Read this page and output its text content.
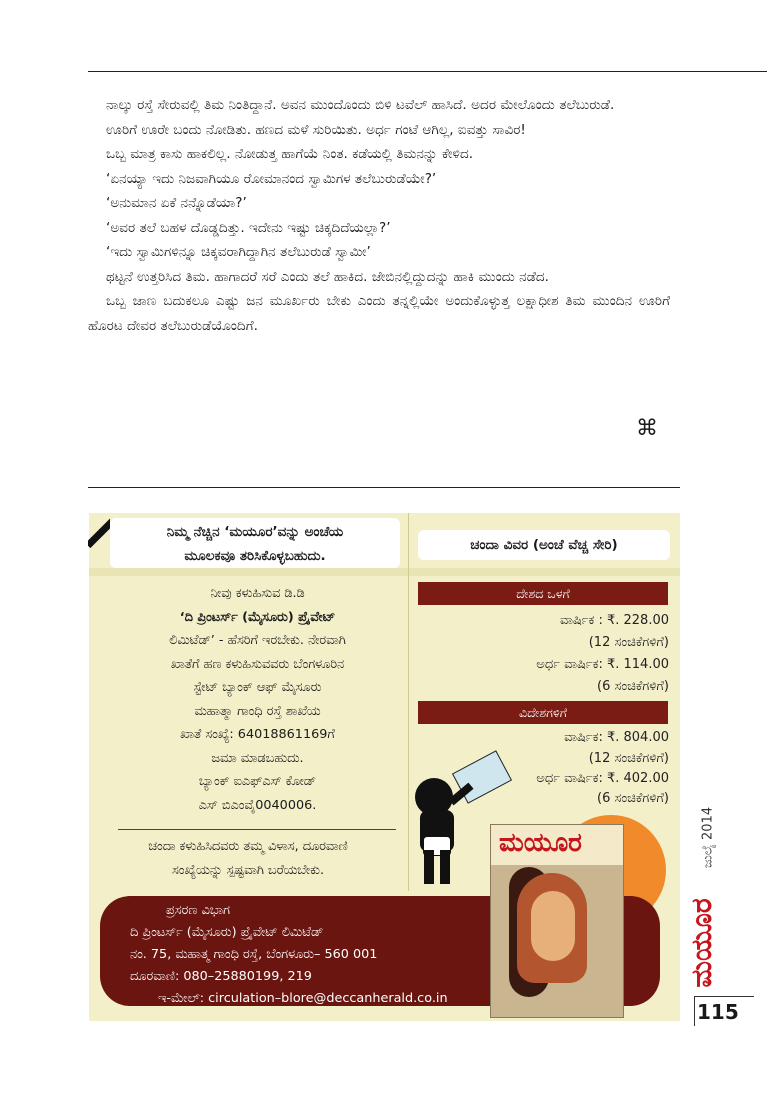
ನಾಲ್ಕು ರಸ್ತೆ ಸೇರುವಲ್ಲಿ ತಿಮ ನಿಂತಿದ್ದಾನೆ. ಅವನ ಮುಂದೊಂದು ಬಿಳಿ ಟವೆಲ್ ಹಾಸಿದೆ. ಅದರ ಮೇಲೊಂದು ತಲೆಬುರುಡೆ.

ಊರಿಗೆ ಊರೇ ಬಂದು ನೋಡಿತು. ಹಣದ ಮಳೆ ಸುರಿಯಿತು. ಅರ್ಧ ಗಂಟೆ ಆಗಿಲ್ಲ, ಐವತ್ತು ಸಾವಿರ!

ಒಬ್ಬ ಮಾತ್ರ ಕಾಸು ಹಾಕಲಿಲ್ಲ. ನೋಡುತ್ತ ಹಾಗೆಯೆ ನಿಂತ. ಕಡೆಯಲ್ಲಿ ತಿಮನನ್ನು ಕೇಳಿದ.

‘ಏನಯ್ಯಾ ಇದು ನಿಜವಾಗಿಯೂ ರೋಮಾನಂದ ಸ್ವಾಮಿಗಳ ತಲೆಬುರುಡೆಯೇ?’

‘ಅನುಮಾನ ಏಕೆ ನನ್ನೊಡೆಯಾ?’

‘ಅವರ ತಲೆ ಬಹಳ ದೊಡ್ಡದಿತ್ತು. ಇದೇನು ಇಷ್ಟು ಚಿಕ್ಕದಿದೆಯಲ್ಲಾ?’

‘ಇದು ಸ್ವಾಮಿಗಳಿನ್ನೂ ಚಿಕ್ಕವರಾಗಿದ್ದಾಗಿನ ತಲೆಬುರುಡೆ ಸ್ವಾಮೀ’

ಥಟ್ಟನೆ ಉತ್ತರಿಸಿದ ತಿಮ. ಹಾಗಾದರೆ ಸರೆ ಎಂದು ತಲೆ ಹಾಕಿದ. ಜೇಬಿನಲ್ಲಿದ್ದುದನ್ನು ಹಾಕಿ ಮುಂದು ನಡೆದ.

ಒಬ್ಬ ಜಾಣ ಬದುಕಲೂ ಎಷ್ಟು ಜನ ಮೂರ್ಖರು ಬೇಕು ಎಂದು ತನ್ನಲ್ಲಿಯೇ ಅಂದುಕೊಳ್ಳುತ್ತ ಲಕ್ಷಾಧೀಶ ತಿಮ ಮುಂದಿನ ಊರಿಗೆ ಹೊರಟ ದೇವರ ತಲೆಬುರುಡೆಯೊಂದಿಗೆ.

⌘
ನಿಮ್ಮ ನೆಚ್ಚಿನ ‘ಮಯೂರ’ವನ್ನು ಅಂಚೆಯ
ಮೂಲಕವೂ ತರಿಸಿಕೊಳ್ಳಬಹುದು.
ಚಂದಾ ವಿವರ (ಅಂಚೆ ವೆಚ್ಚ ಸೇರಿ)
ನೀವು ಕಳುಹಿಸುವ ಡಿ.ಡಿ
‘ದಿ ಪ್ರಿಂಟರ್ಸ್ (ಮೈಸೂರು) ಪ್ರೈವೇಟ್
ಲಿಮಿಟೆಡ್’ - ಹೆಸರಿಗೆ ಇರಬೇಕು. ನೇರವಾಗಿ
ಖಾತೆಗೆ ಹಣ ಕಳುಹಿಸುವವರು ಬೆಂಗಳೂರಿನ
ಸ್ಟೇಟ್ ಬ್ಯಾಂಕ್ ಆಫ್ ಮೈಸೂರು
ಮಹಾತ್ಮಾ ಗಾಂಧಿ ರಸ್ತೆ ಶಾಖೆಯ
ಖಾತೆ ಸಂಖ್ಯೆ: 64018861169ಗೆ
ಜಮಾ ಮಾಡಬಹುದು.
ಬ್ಯಾಂಕ್ ಐಎಫ್‌ಎಸ್ ಕೋಡ್
ಎಸ್ ಬಿಎಂವೈ0040006.
ಚಂದಾ ಕಳುಹಿಸಿದವರು ತಮ್ಮ ವಿಳಾಸ, ದೂರವಾಣಿ
ಸಂಖ್ಯೆಯನ್ನು ಸ್ಪಷ್ಟವಾಗಿ ಬರೆಯಬೇಕು.
ದೇಶದ ಒಳಗೆ
ವಾರ್ಷಿಕ : ₹. 228.00
(12 ಸಂಚಿಕೆಗಳಿಗೆ)
ಅರ್ಧ ವಾರ್ಷಿಕ: ₹. 114.00
(6 ಸಂಚಿಕೆಗಳಿಗೆ)
ವಿದೇಶಗಳಿಗೆ
ವಾರ್ಷಿಕ: ₹. 804.00
(12 ಸಂಚಿಕೆಗಳಿಗೆ)
ಅರ್ಧ ವಾರ್ಷಿಕ: ₹. 402.00
(6 ಸಂಚಿಕೆಗಳಿಗೆ)
ಪ್ರಸರಣ ವಿಭಾಗ
ದಿ ಪ್ರಿಂಟರ್ಸ್ (ಮೈಸೂರು) ಪ್ರೈವೇಟ್ ಲಿಮಿಟೆಡ್
ನಂ. 75, ಮಹಾತ್ಮ ಗಾಂಧಿ ರಸ್ತೆ, ಬೆಂಗಳೂರು– 560 001
ದೂರವಾಣಿ: 080–25880199, 219
ಇ-ಮೇಲ್: circulation–blore@deccanherald.co.in
ಮಯೂರ	ಜುಲೈ 2014
ಮಯೂರ
115
